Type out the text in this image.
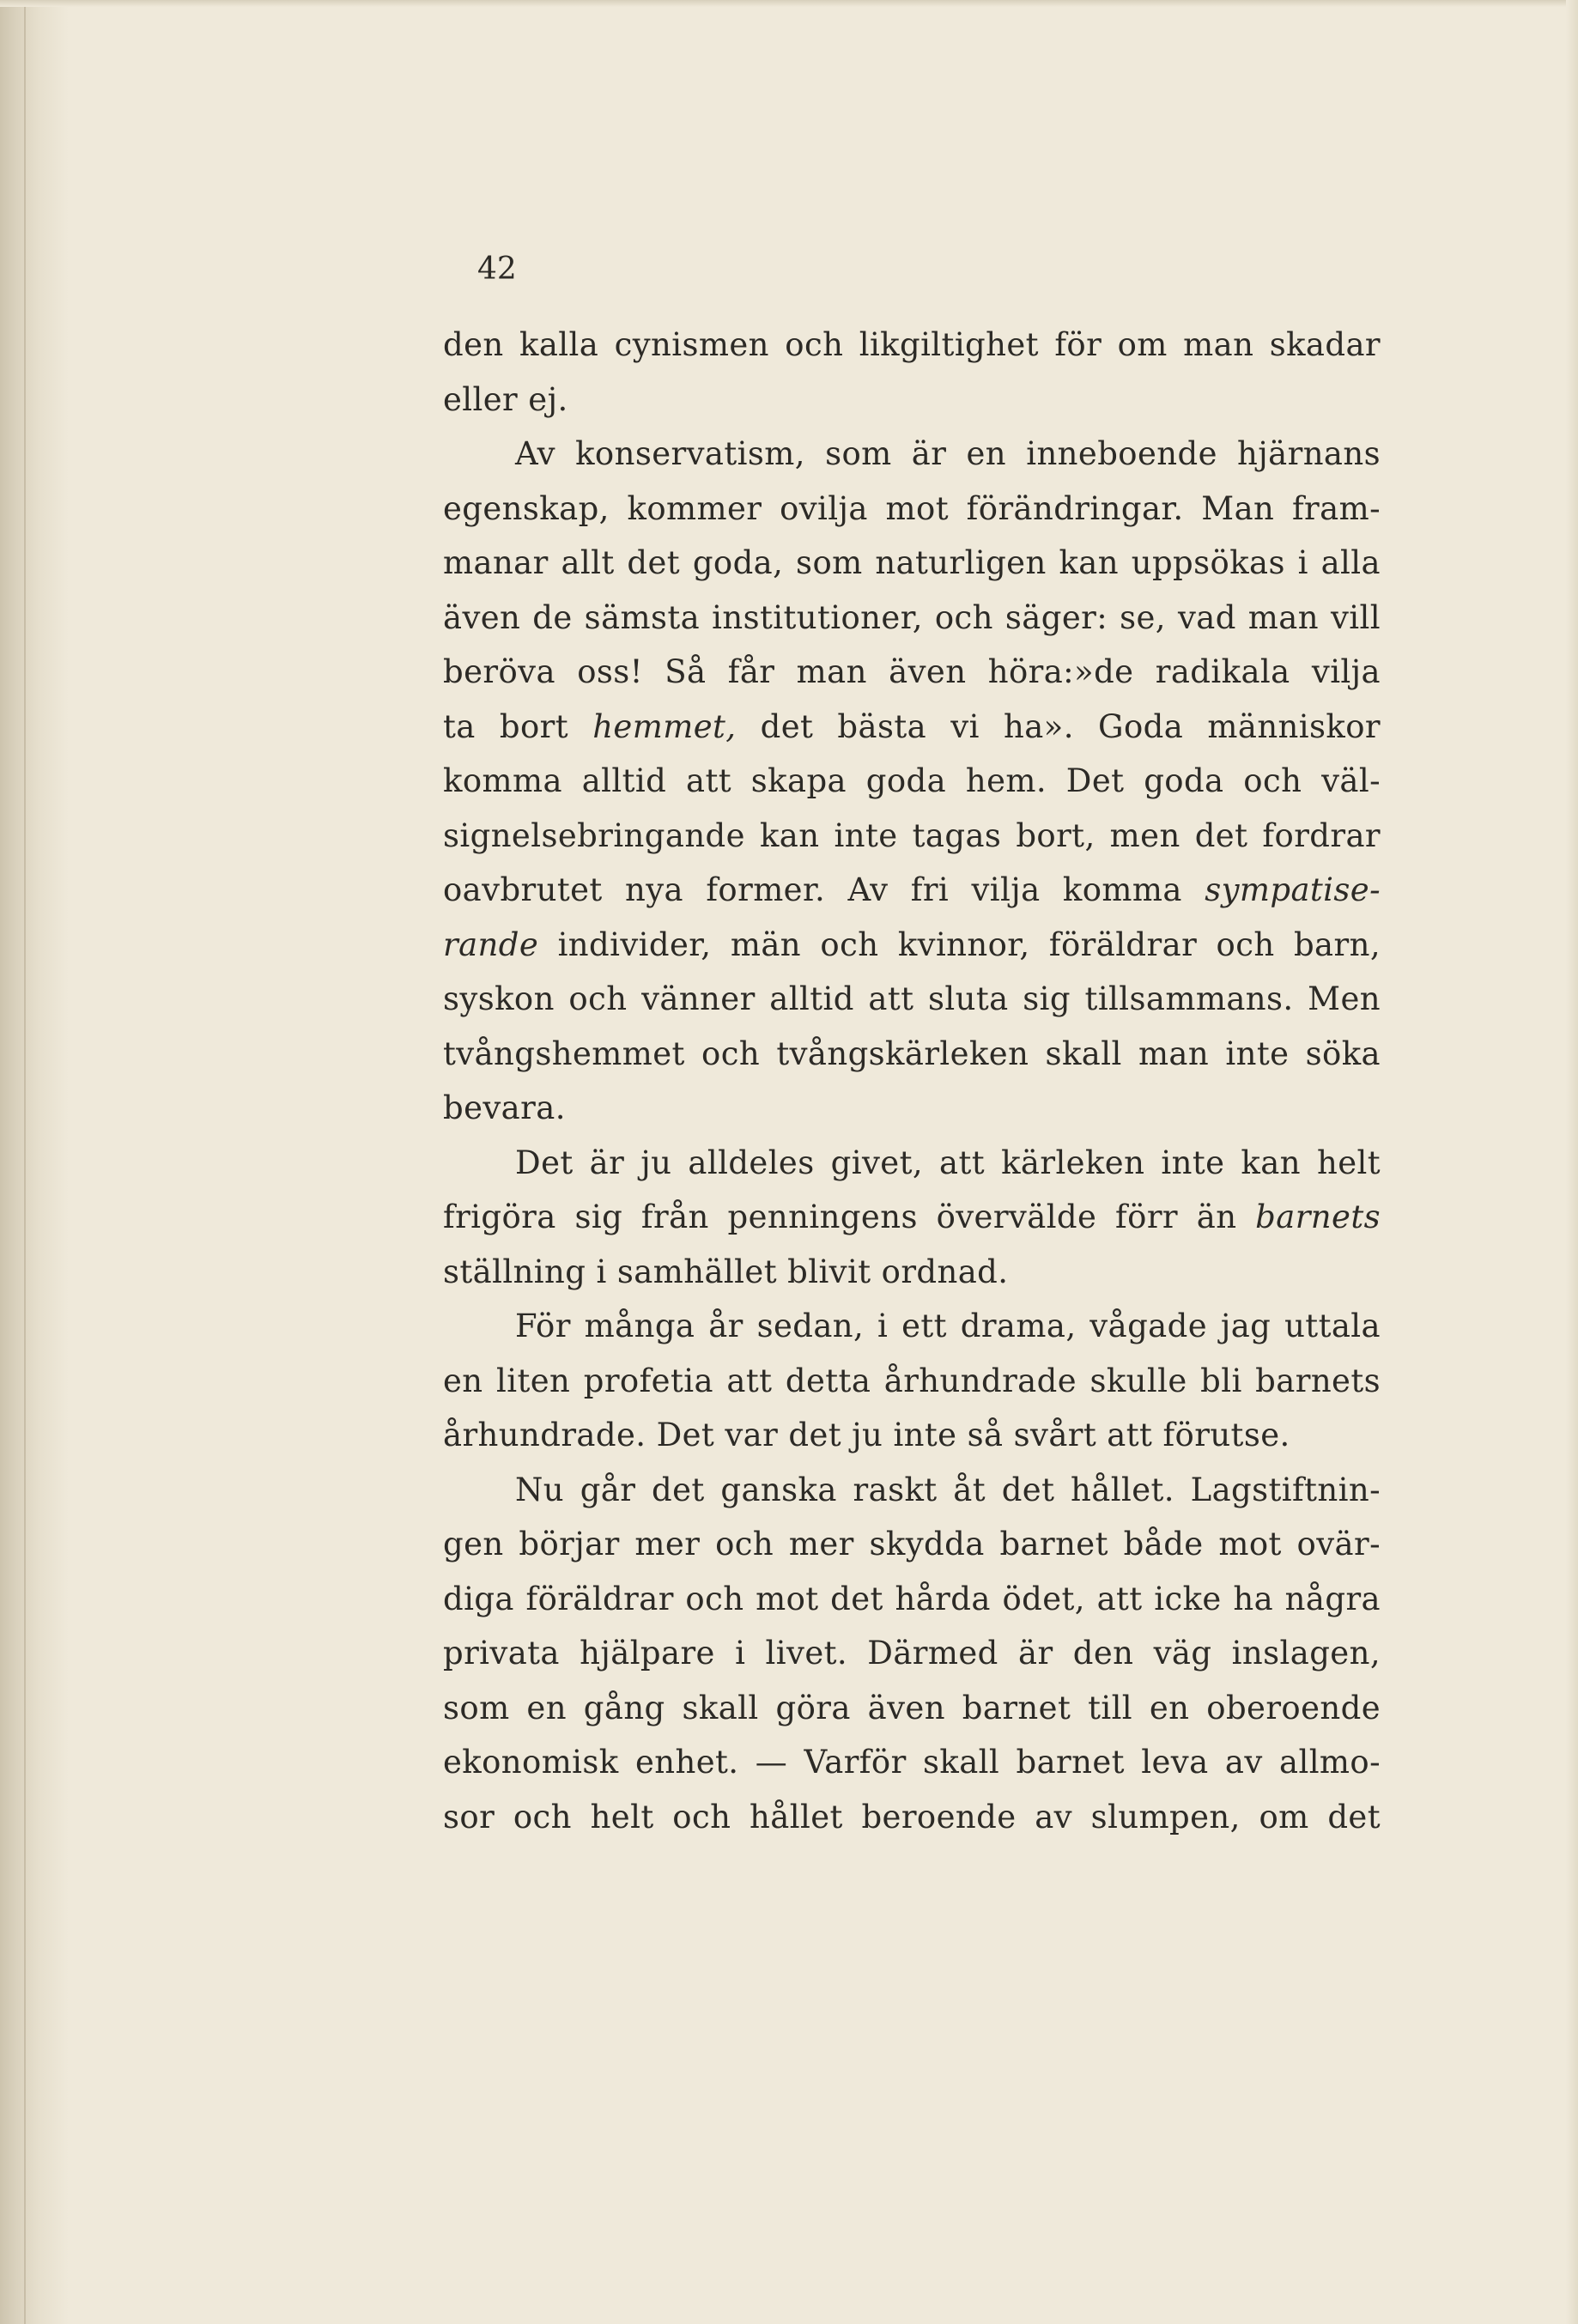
42

den kalla cynismen och likgiltighet för om man skadar
eller ej.
Av konservatism, som är en inneboende hjärnans
egenskap, kommer ovilja mot förändringar. Man fram-
manar allt det goda, som naturligen kan uppsökas i alla
även de sämsta institutioner, och säger: se, vad man vill
beröva oss! Så får man även höra:»de radikala vilja
ta bort hemmet, det bästa vi ha». Goda människor
komma alltid att skapa goda hem. Det goda och väl-
signelsebringande kan inte tagas bort, men det fordrar
oavbrutet nya former. Av fri vilja komma sympatise-
rande individer, män och kvinnor, föräldrar och barn,
syskon och vänner alltid att sluta sig tillsammans. Men
tvångshemmet och tvångskärleken skall man inte söka
bevara.
Det är ju alldeles givet, att kärleken inte kan helt
frigöra sig från penningens övervälde förr än barnets
ställning i samhället blivit ordnad.
För många år sedan, i ett drama, vågade jag uttala
en liten profetia att detta århundrade skulle bli barnets
århundrade. Det var det ju inte så svårt att förutse.
Nu går det ganska raskt åt det hållet. Lagstiftnin-
gen börjar mer och mer skydda barnet både mot ovär-
diga föräldrar och mot det hårda ödet, att icke ha några
privata hjälpare i livet. Därmed är den väg inslagen,
som en gång skall göra även barnet till en oberoende
ekonomisk enhet. — Varför skall barnet leva av allmo-
sor och helt och hållet beroende av slumpen, om det
